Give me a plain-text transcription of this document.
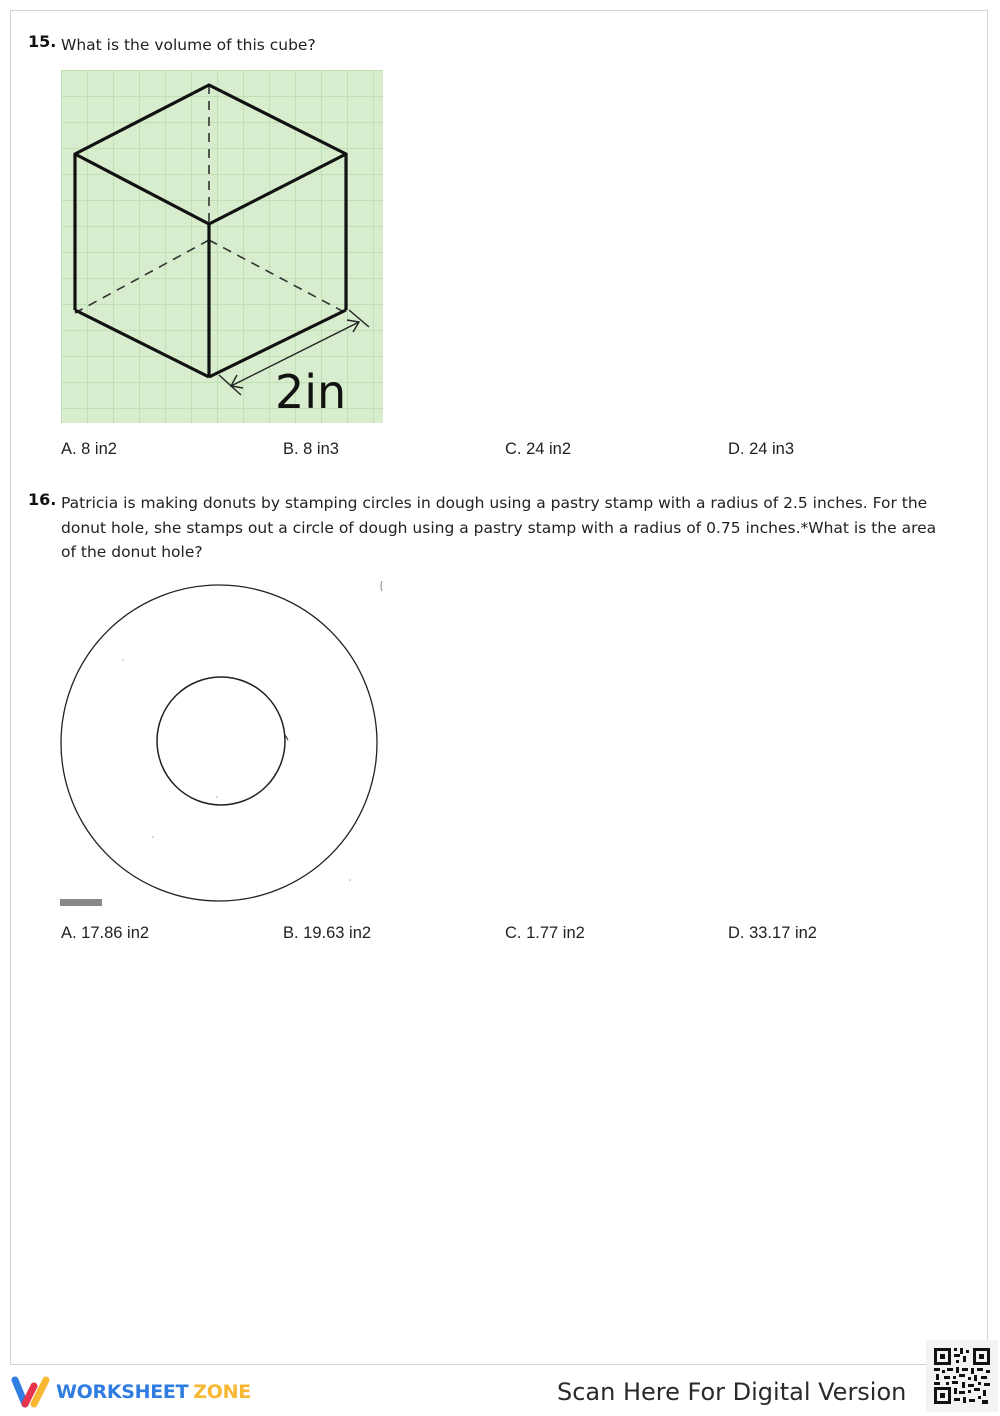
15. What is the volume of this cube?
2in
A. 8 in2	B. 8 in3	C. 24 in2	D. 24 in3
16. Patricia is making donuts by stamping circles in dough using a pastry stamp with a radius of 2.5 inches. For the donut hole, she stamps out a circle of dough using a pastry stamp with a radius of 0.75 inches.*What is the area of the donut hole?
A. 17.86 in2	B. 19.63 in2	C. 1.77 in2	D. 33.17 in2
WORKSHEET ZONE	Scan Here For Digital Version
